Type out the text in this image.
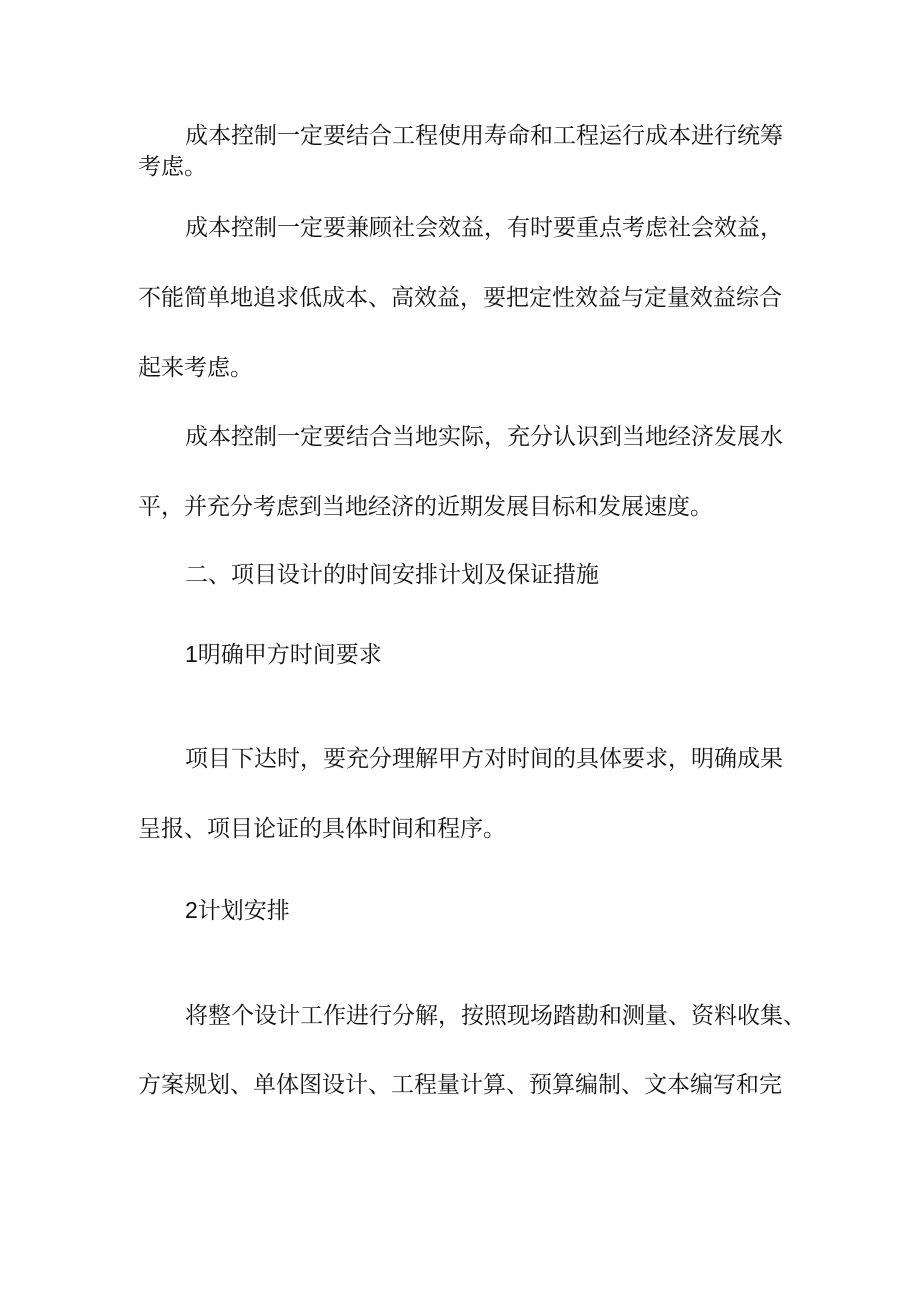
成本控制一定要结合工程使用寿命和工程运行成本进行统筹
考虑。
成本控制一定要兼顾社会效益，有时要重点考虑社会效益，
不能简单地追求低成本、高效益，要把定性效益与定量效益综合
起来考虑。
成本控制一定要结合当地实际，充分认识到当地经济发展水
平，并充分考虑到当地经济的近期发展目标和发展速度。
二、项目设计的时间安排计划及保证措施
1明确甲方时间要求
项目下达时，要充分理解甲方对时间的具体要求，明确成果
呈报、项目论证的具体时间和程序。
2计划安排
将整个设计工作进行分解，按照现场踏勘和测量、资料收集、
方案规划、单体图设计、工程量计算、预算编制、文本编写和完
